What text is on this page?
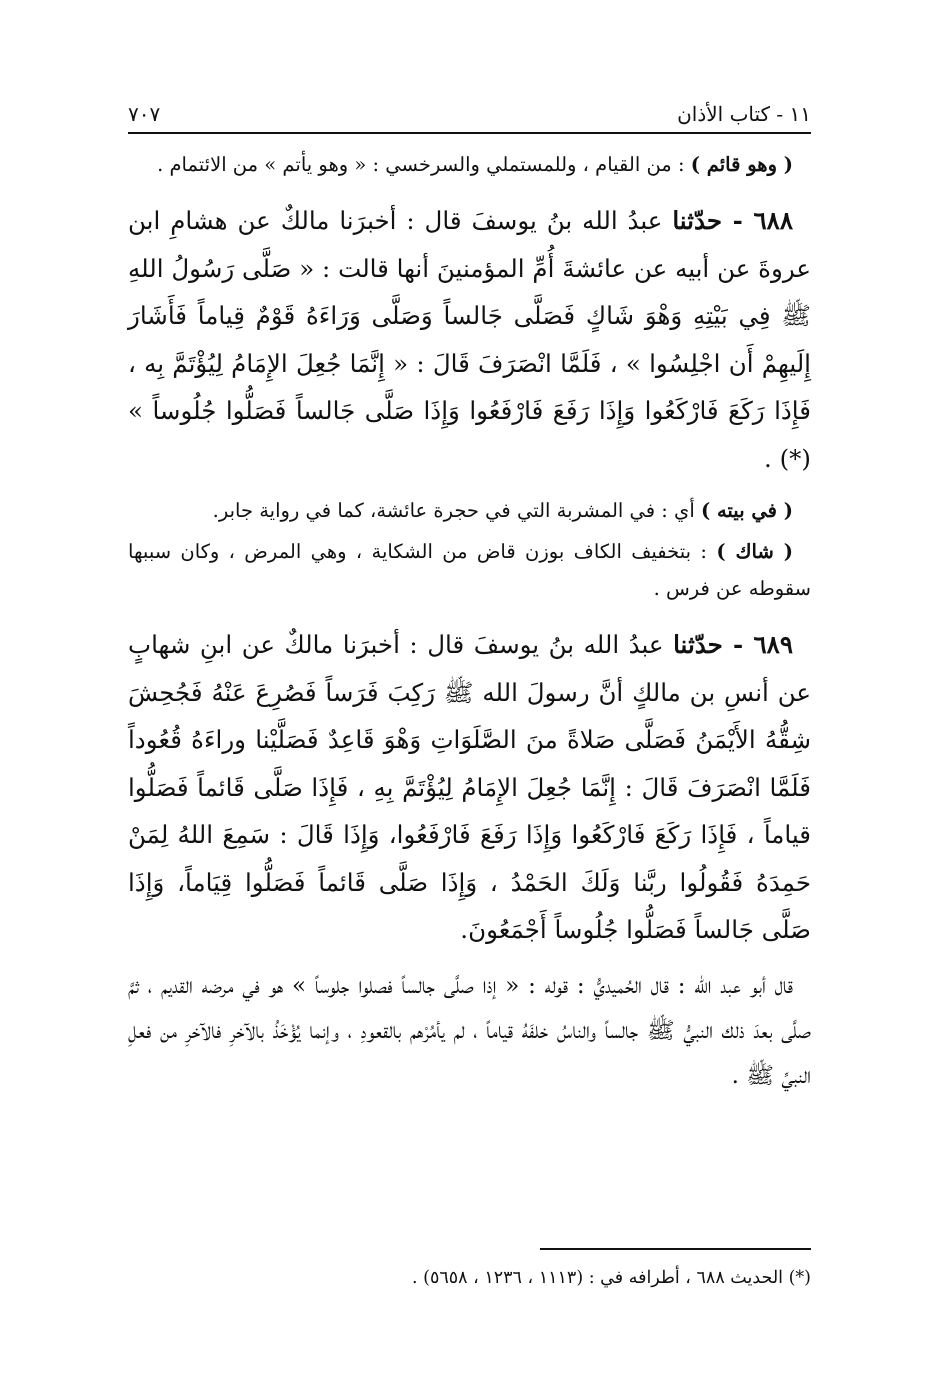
١١ - كتاب الأذان
٧٠٧

( وهو قائم ) : من القيام ، وللمستملي والسرخسي : « وهو يأتم » من الائتمام .

٦٨٨ - حدّثنا عبدُ الله بنُ يوسفَ قال : أخبرَنا مالكٌ عن هشامِ ابن عروةَ عن أبيه عن عائشةَ أُمِّ المؤمنينَ أنها قالت : « صَلَّى رَسُولُ اللهِ ﷺ فِي بَيْتِهِ وَهْوَ شَاكٍ فَصَلَّى جَالساً وَصَلَّى وَرَاءَهُ قَوْمٌ قِياماً فَأَشَارَ إِلَيهِمْ أَن اجْلِسُوا » ، فَلَمَّا انْصَرَفَ قَالَ : « إِنَّمَا جُعِلَ الإِمَامُ لِيُؤْتَمَّ بِه ، فَإِذَا رَكَعَ فَارْكَعُوا وَإِذَا رَفَعَ فَارْفَعُوا وَإِذَا صَلَّى جَالساً فَصَلُّوا جُلُوساً » (*) .

( في بيته ) أي : في المشربة التي في حجرة عائشة، كما في رواية جابر.

( شاك ) : بتخفيف الكاف بوزن قاض من الشكاية ، وهي المرض ، وكان سببها سقوطه عن فرس .

٦٨٩ - حدّثنا عبدُ الله بنُ يوسفَ قال : أخبرَنا مالكٌ عن ابنِ شهابٍ عن أنسِ بن مالكٍ أنَّ رسولَ الله ﷺ رَكِبَ فَرَساً فَصُرِعَ عَنْهُ فَجُحِشَ شِقُّهُ الأَيْمَنُ فَصَلَّى صَلاةً منَ الصَّلَوَاتِ وَهْوَ قَاعِدٌ فَصَلَّيْنا وراءَهُ قُعُوداً فَلَمَّا انْصَرَفَ قَالَ : إِنَّمَا جُعِلَ الإِمَامُ لِيُؤْتَمَّ بِهِ ، فَإِذَا صَلَّى قَائماً فَصَلُّوا قياماً ، فَإِذَا رَكَعَ فَارْكَعُوا وَإِذَا رَفَعَ فَارْفَعُوا، وَإِذَا قَالَ : سَمِعَ اللهُ لِمَنْ حَمِدَهُ فَقُولُوا ربَّنا وَلَكَ الحَمْدُ ، وَإِذَا صَلَّى قَائماً فَصَلُّوا قِيَاماً، وَإِذَا صَلَّى جَالساً فَصَلُّوا جُلُوساً أَجْمَعُونَ.

قال أبو عبد الله : قال الحُميديُّ : قوله : « إذا صلَّى جالساً فصلوا جلوساً » هو في مرضه القديم ، ثمَّ صلَّى بعدَ ذلك النبيُّ ﷺ جالساً والناسُ خلفَهُ قياماً ، لم يأمُرْهم بالقعودِ ، وإنما يُؤْخَذُ بالآخرِ فالآخرِ من فعلِ النبيِّ ﷺ .

(*) الحديث ٦٨٨ ، أطرافه في : (١١١٣ ، ١٢٣٦ ، ٥٦٥٨) .
